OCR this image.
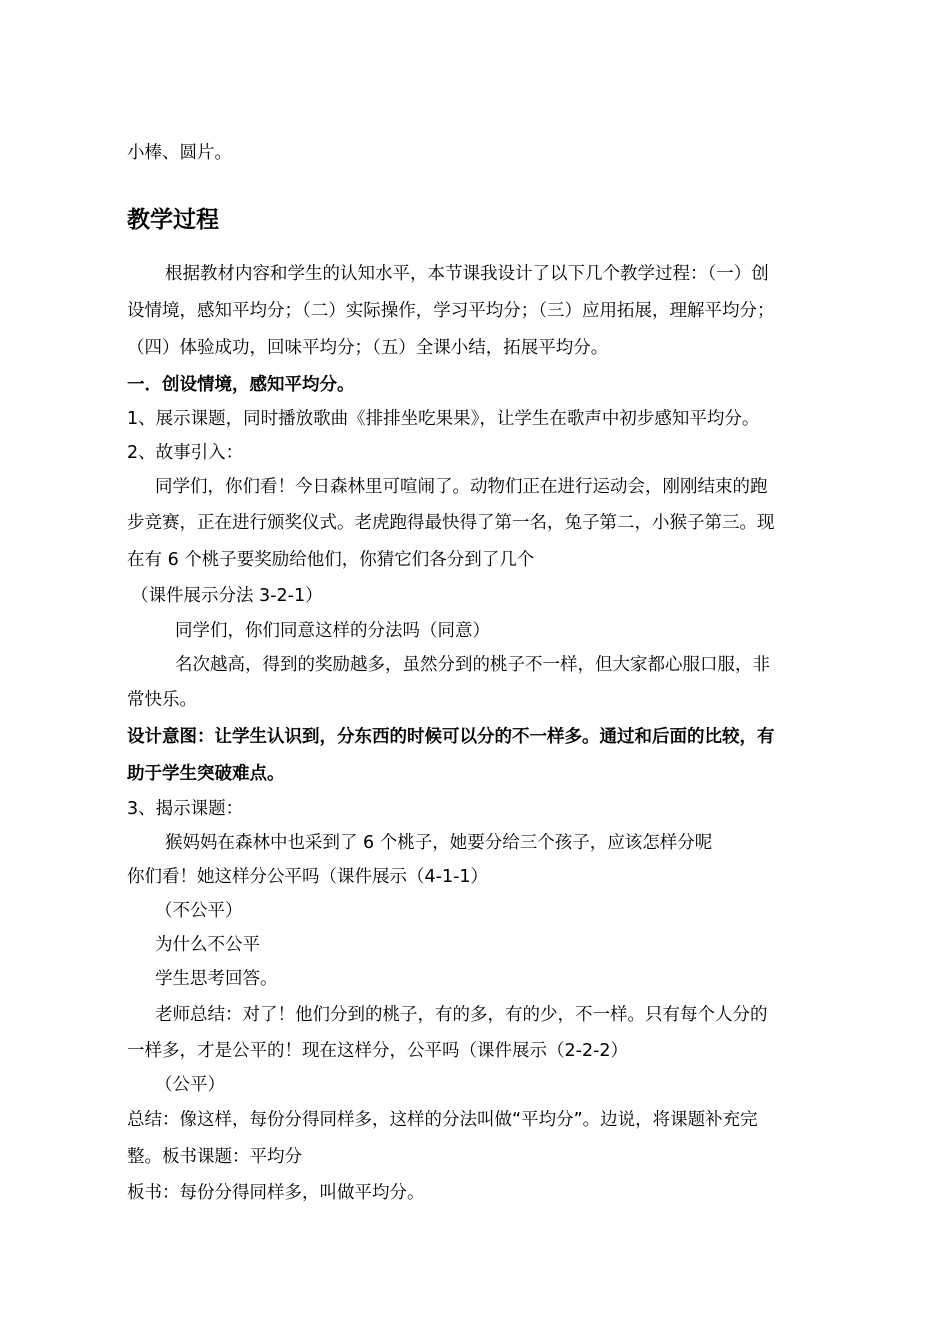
小棒、圆片。
教学过程
根据教材内容和学生的认知水平，本节课我设计了以下几个教学过程：（一）创
设情境，感知平均分；（二）实际操作，学习平均分；（三）应用拓展，理解平均分；
（四）体验成功，回味平均分；（五）全课小结，拓展平均分。
一．创设情境，感知平均分。
1、展示课题，同时播放歌曲《排排坐吃果果》，让学生在歌声中初步感知平均分。
2、故事引入：
同学们，你们看！今日森林里可喧闹了。动物们正在进行运动会，刚刚结束的跑
步竞赛，正在进行颁奖仪式。老虎跑得最快得了第一名，兔子第二，小猴子第三。现
在有 6 个桃子要奖励给他们，你猜它们各分到了几个
（课件展示分法 3-2-1）
同学们，你们同意这样的分法吗（同意）
名次越高，得到的奖励越多，虽然分到的桃子不一样，但大家都心服口服，非
常快乐。
设计意图：让学生认识到，分东西的时候可以分的不一样多。通过和后面的比较，有
助于学生突破难点。
3、揭示课题：
猴妈妈在森林中也采到了 6 个桃子，她要分给三个孩子，应该怎样分呢
你们看！她这样分公平吗（课件展示（4-1-1）
（不公平）
为什么不公平
学生思考回答。
老师总结：对了！他们分到的桃子，有的多，有的少，不一样。只有每个人分的
一样多，才是公平的！现在这样分，公平吗（课件展示（2-2-2）
（公平）
总结：像这样，每份分得同样多，这样的分法叫做“平均分”。边说，将课题补充完
整。板书课题：平均分
板书：每份分得同样多，叫做平均分。
